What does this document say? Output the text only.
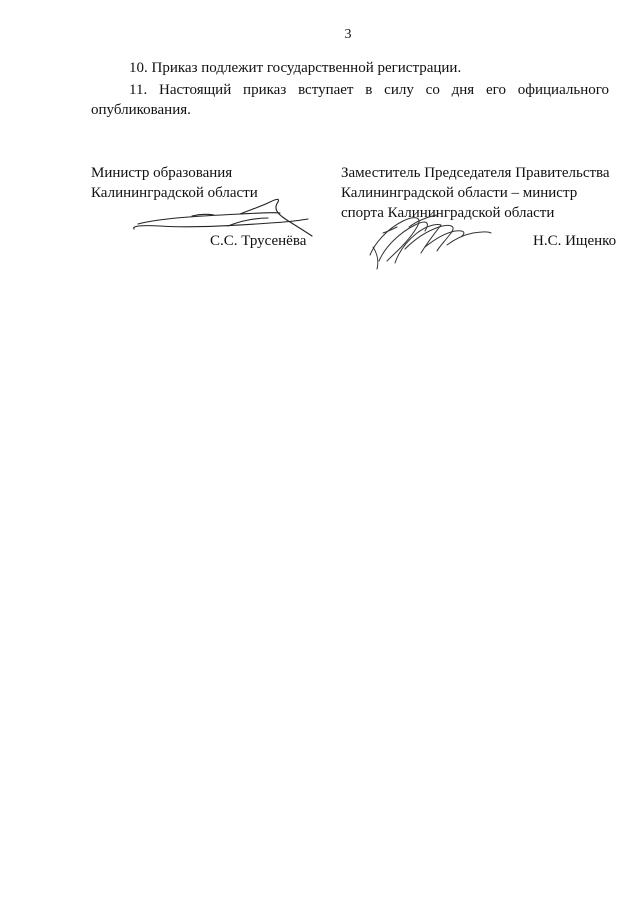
3

10. Приказ подлежит государственной регистрации.

11. Настоящий приказ вступает в силу со дня его официального опубликования.

Министр образования
Калининградской области
Заместитель Председателя Правительства
Калининградской области – министр
спорта Калининградской области
С.С. Трусенёва	Н.С. Ищенко
